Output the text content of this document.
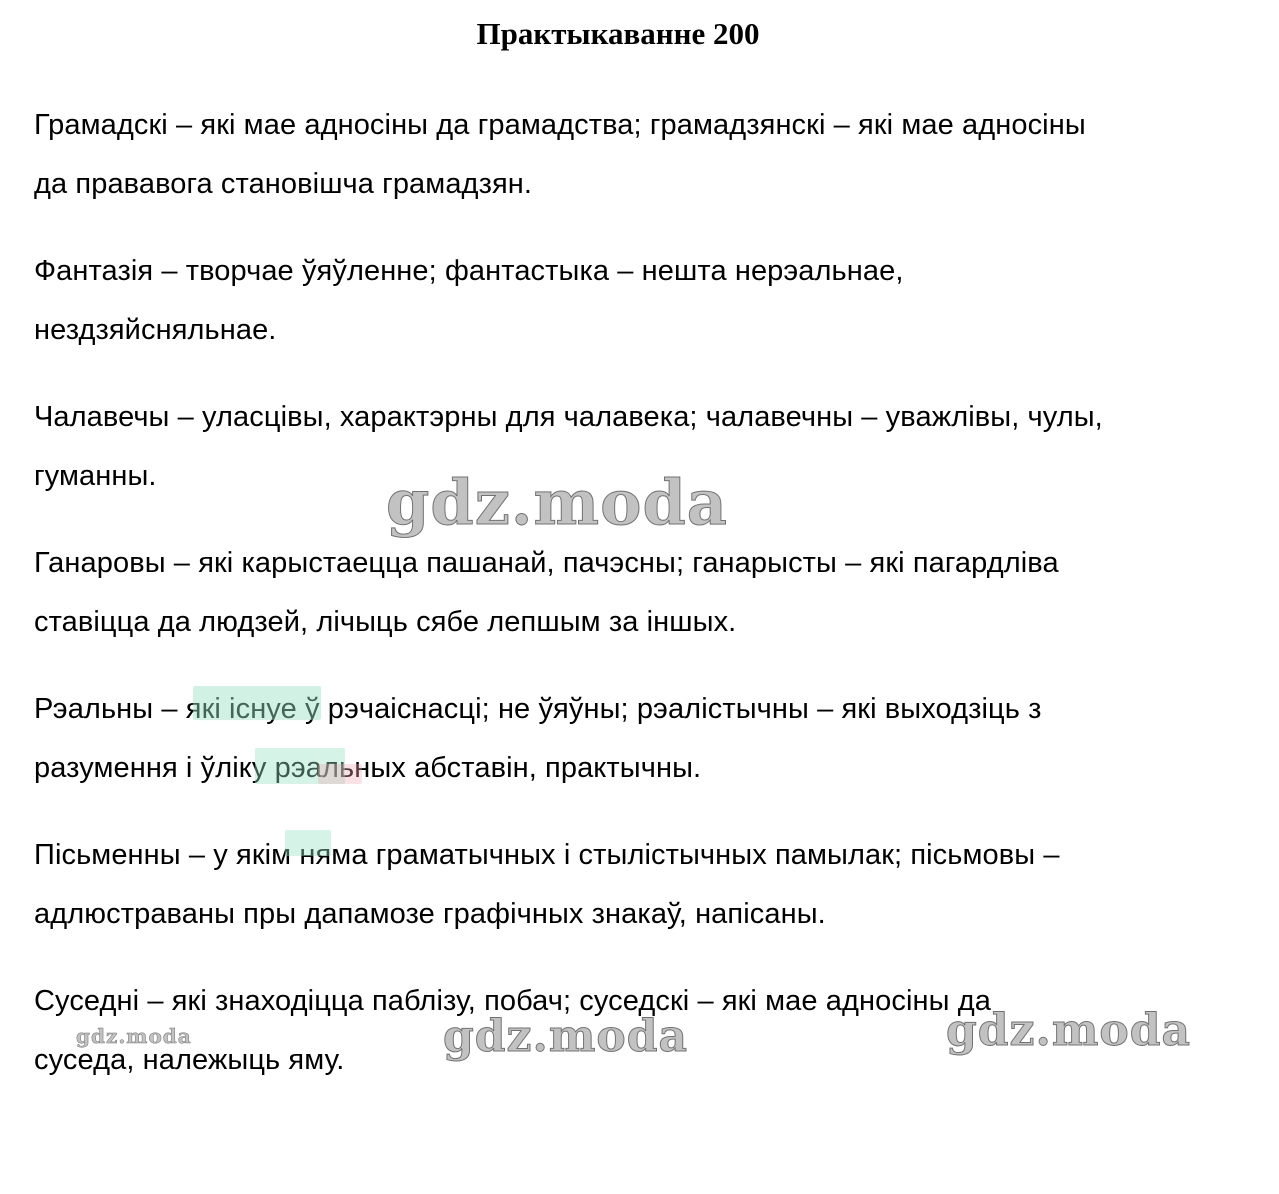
Практыкаванне 200

Грамадскі – які мае адносіны да грамадства; грамадзянскі – які мае адносіны
да прававога становішча грамадзян.

Фантазія – творчае ўяўленне; фантастыка – нешта нерэальнае,
нездзяйсняльнае.

Чалавечы – уласцівы, характэрны для чалавека; чалавечны – уважлівы, чулы,
гуманны.

Ганаровы – які карыстаецца пашанай, пачэсны; ганарысты – які пагардліва
ставіцца да людзей, лічыць сябе лепшым за іншых.

Рэальны – які існуе ў рэчаіснасці; не ўяўны; рэалістычны – які выходзіць з
разумення і ўліку рэальных абставін, практычны.

Пісьменны – у якім няма граматычных і стылістычных памылак; пісьмовы –
адлюстраваны пры дапамозе графічных знакаў, напісаны.

Суседні – які знаходіцца паблізу, побач; суседскі – які мае адносіны да
суседа, належыць яму.

gdz.moda
gdz.moda	gdz.moda
gdz.moda
